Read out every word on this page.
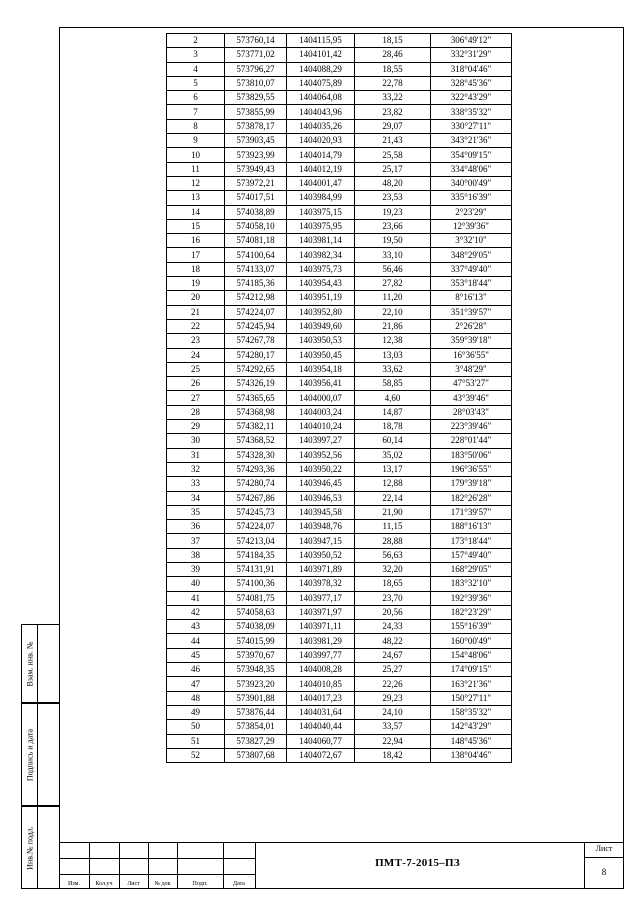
2	573760,14	1404115,95	18,15	306°49'12"
3	573771,02	1404101,42	28,46	332°31'29"
4	573796,27	1404088,29	18,55	318°04'46"
5	573810,07	1404075,89	22,78	328°45'36"
6	573829,55	1404064,08	33,22	322°43'29"
7	573855,99	1404043,96	23,82	338°35'32"
8	573878,17	1404035,26	29,07	330°27'11"
9	573903,45	1404020,93	21,43	343°21'36"
10	573923,99	1404014,79	25,58	354°09'15"
11	573949,43	1404012,19	25,17	334°48'06"
12	573972,21	1404001,47	48,20	340°00'49"
13	574017,51	1403984,99	23,53	335°16'39"
14	574038,89	1403975,15	19,23	2°23'29"
15	574058,10	1403975,95	23,66	12°39'36"
16	574081,18	1403981,14	19,50	3°32'10"
17	574100,64	1403982,34	33,10	348°29'05"
18	574133,07	1403975,73	56,46	337°49'40"
19	574185,36	1403954,43	27,82	353°18'44"
20	574212,98	1403951,19	11,20	8°16'13"
21	574224,07	1403952,80	22,10	351°39'57"
22	574245,94	1403949,60	21,86	2°26'28"
23	574267,78	1403950,53	12,38	359°39'18"
24	574280,17	1403950,45	13,03	16°36'55"
25	574292,65	1403954,18	33,62	3°48'29"
26	574326,19	1403956,41	58,85	47°53'27"
27	574365,65	1404000,07	4,60	43°39'46"
28	574368,98	1404003,24	14,87	28°03'43"
29	574382,11	1404010,24	18,78	223°39'46"
30	574368,52	1403997,27	60,14	228°01'44"
31	574328,30	1403952,56	35,02	183°50'06"
32	574293,36	1403950,22	13,17	196°36'55"
33	574280,74	1403946,45	12,88	179°39'18"
34	574267,86	1403946,53	22,14	182°26'28"
35	574245,73	1403945,58	21,90	171°39'57"
36	574224,07	1403948,76	11,15	188°16'13"
37	574213,04	1403947,15	28,88	173°18'44"
38	574184,35	1403950,52	56,63	157°49'40"
39	574131,91	1403971,89	32,20	168°29'05"
40	574100,36	1403978,32	18,65	183°32'10"
41	574081,75	1403977,17	23,70	192°39'36"
42	574058,63	1403971,97	20,56	182°23'29"
43	574038,09	1403971,11	24,33	155°16'39"
44	574015,99	1403981,29	48,22	160°00'49"
45	573970,67	1403997,77	24,67	154°48'06"
46	573948,35	1404008,28	25,27	174°09'15"
47	573923,20	1404010,85	22,26	163°21'36"
48	573901,88	1404017,23	29,23	150°27'11"
49	573876,44	1404031,64	24,10	158°35'32"
50	573854,01	1404040,44	33,57	142°43'29"
51	573827,29	1404060,77	22,94	148°45'36"
52	573807,68	1404072,67	18,42	138°04'46"
Взам. инв. №
Подпись и дата
Инв.№ подл.
Изм.	Кол.уч	Лист	№ док	Подп.	Дата
ПМТ-7-2015–ПЗ
Лист
8
